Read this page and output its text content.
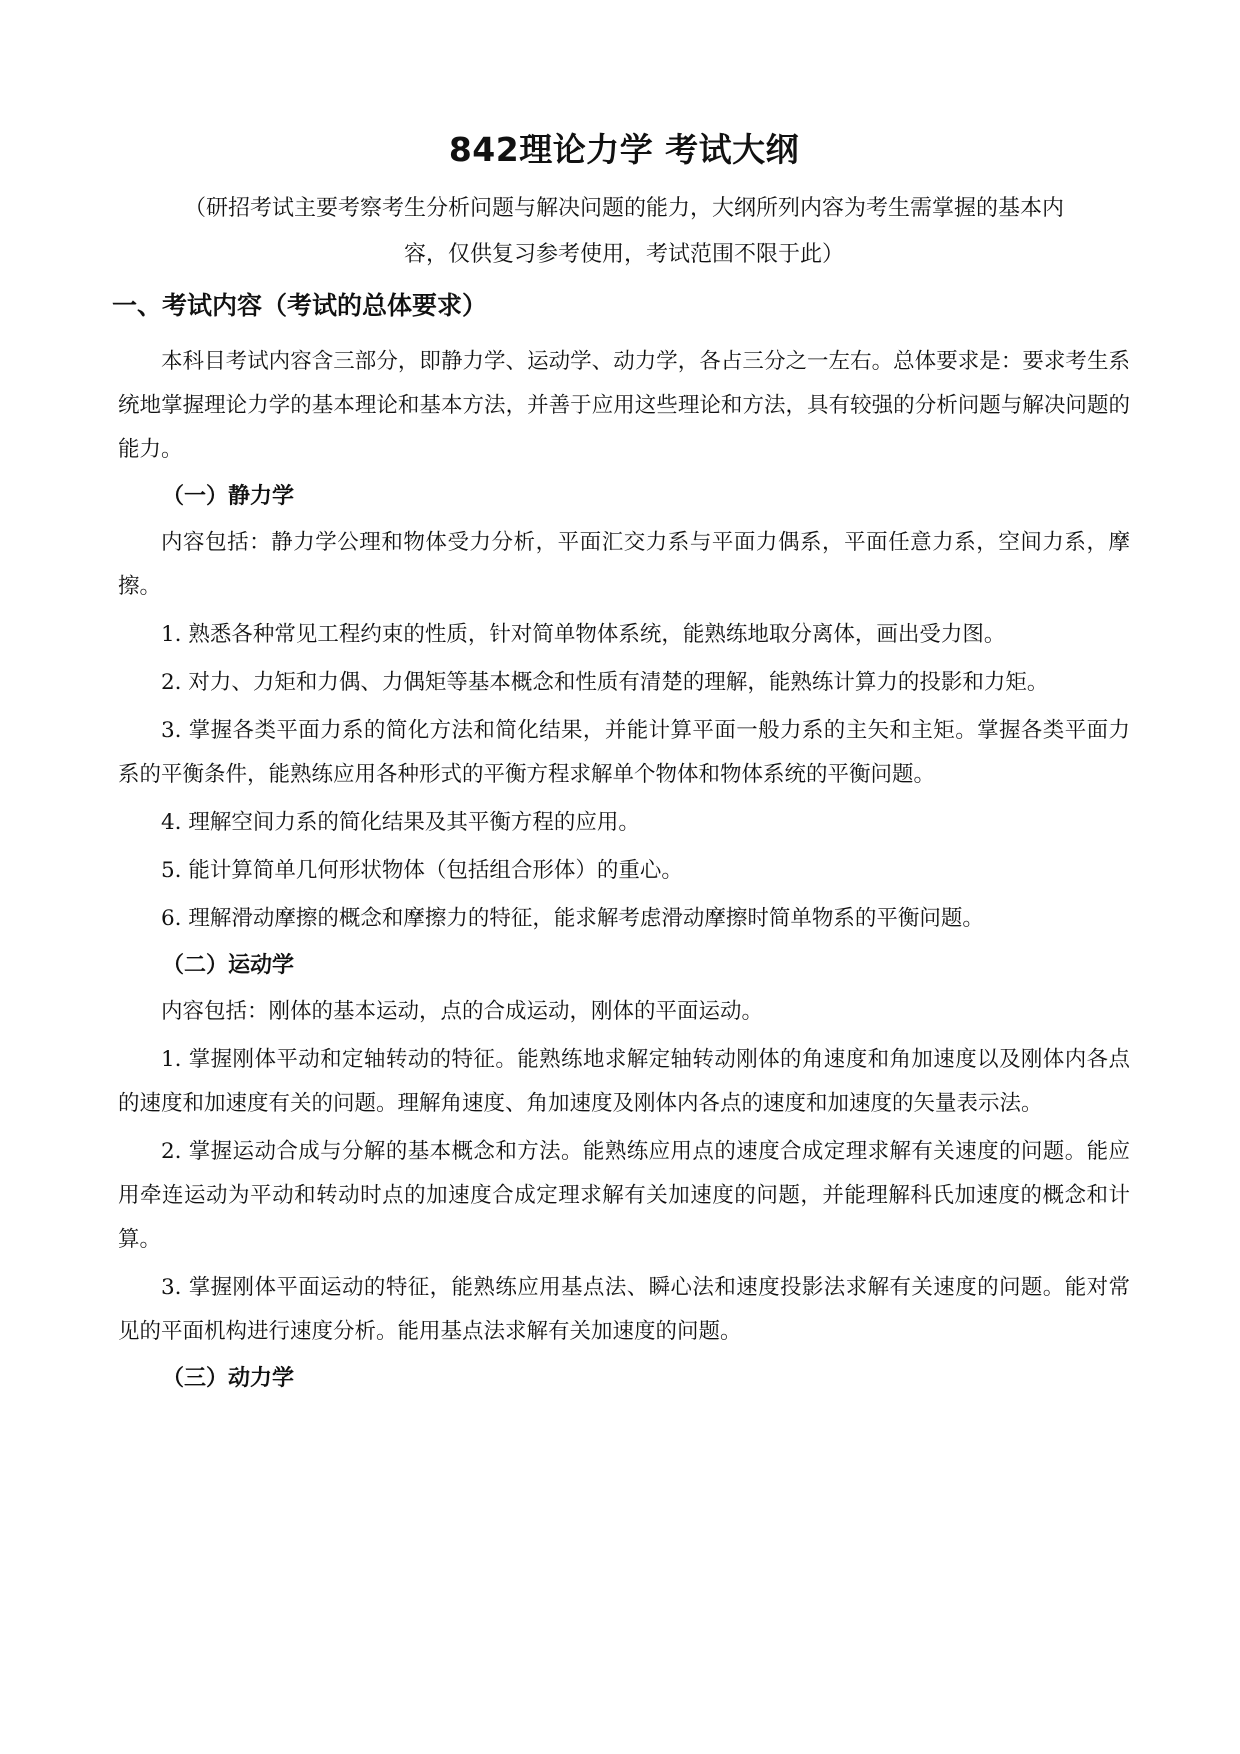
842理论力学 考试大纲
（研招考试主要考察考生分析问题与解决问题的能力，大纲所列内容为考生需掌握的基本内
容，仅供复习参考使用，考试范围不限于此）
一、考试内容（考试的总体要求）

本科目考试内容含三部分，即静力学、运动学、动力学，各占三分之一左右。总体要求是：要求考生系统地掌握理论力学的基本理论和基本方法，并善于应用这些理论和方法，具有较强的分析问题与解决问题的能力。

（一）静力学

内容包括：静力学公理和物体受力分析，平面汇交力系与平面力偶系，平面任意力系，空间力系，摩擦。

1. 熟悉各种常见工程约束的性质，针对简单物体系统，能熟练地取分离体，画出受力图。

2. 对力、力矩和力偶、力偶矩等基本概念和性质有清楚的理解，能熟练计算力的投影和力矩。

3. 掌握各类平面力系的简化方法和简化结果，并能计算平面一般力系的主矢和主矩。掌握各类平面力系的平衡条件，能熟练应用各种形式的平衡方程求解单个物体和物体系统的平衡问题。

4. 理解空间力系的简化结果及其平衡方程的应用。

5. 能计算简单几何形状物体（包括组合形体）的重心。

6. 理解滑动摩擦的概念和摩擦力的特征，能求解考虑滑动摩擦时简单物系的平衡问题。

（二）运动学

内容包括：刚体的基本运动，点的合成运动，刚体的平面运动。

1. 掌握刚体平动和定轴转动的特征。能熟练地求解定轴转动刚体的角速度和角加速度以及刚体内各点的速度和加速度有关的问题。理解角速度、角加速度及刚体内各点的速度和加速度的矢量表示法。

2. 掌握运动合成与分解的基本概念和方法。能熟练应用点的速度合成定理求解有关速度的问题。能应用牵连运动为平动和转动时点的加速度合成定理求解有关加速度的问题，并能理解科氏加速度的概念和计算。

3. 掌握刚体平面运动的特征，能熟练应用基点法、瞬心法和速度投影法求解有关速度的问题。能对常见的平面机构进行速度分析。能用基点法求解有关加速度的问题。

（三）动力学
